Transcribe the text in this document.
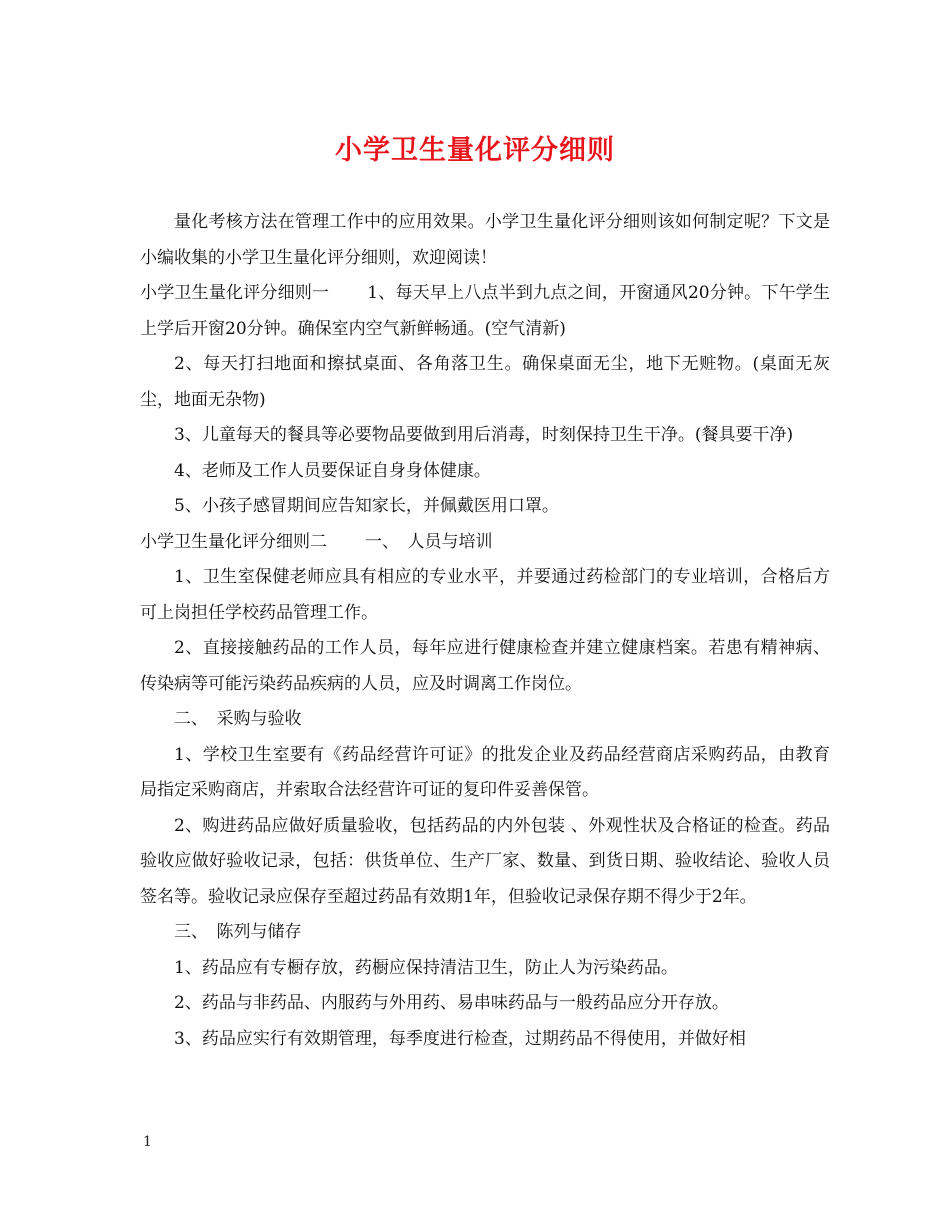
小学卫生量化评分细则

量化考核方法在管理工作中的应用效果。小学卫生量化评分细则该如何制定呢？下文是小编收集的小学卫生量化评分细则，欢迎阅读！

小学卫生量化评分细则一 1、每天早上八点半到九点之间，开窗通风20分钟。下午学生上学后开窗20分钟。确保室内空气新鲜畅通。(空气清新)

2、每天打扫地面和擦拭桌面、各角落卫生。确保桌面无尘，地下无赃物。(桌面无灰尘，地面无杂物)

3、儿童每天的餐具等必要物品要做到用后消毒，时刻保持卫生干净。(餐具要干净)

4、老师及工作人员要保证自身身体健康。

5、小孩子感冒期间应告知家长，并佩戴医用口罩。

小学卫生量化评分细则二 一、　人员与培训

1、卫生室保健老师应具有相应的专业水平，并要通过药检部门的专业培训，合格后方可上岗担任学校药品管理工作。

2、直接接触药品的工作人员，每年应进行健康检查并建立健康档案。若患有精神病、传染病等可能污染药品疾病的人员，应及时调离工作岗位。

二、　采购与验收

1、学校卫生室要有《药品经营许可证》的批发企业及药品经营商店采购药品，由教育局指定采购商店，并索取合法经营许可证的复印件妥善保管。

2、购进药品应做好质量验收，包括药品的内外包装 、外观性状及合格证的检查。药品验收应做好验收记录，包括：供货单位、生产厂家、数量、到货日期、验收结论、验收人员签名等。验收记录应保存至超过药品有效期1年，但验收记录保存期不得少于2年。

三、　陈列与储存

1、药品应有专橱存放，药橱应保持清洁卫生，防止人为污染药品。

2、药品与非药品、内服药与外用药、易串味药品与一般药品应分开存放。

3、药品应实行有效期管理，每季度进行检查，过期药品不得使用，并做好相

1
